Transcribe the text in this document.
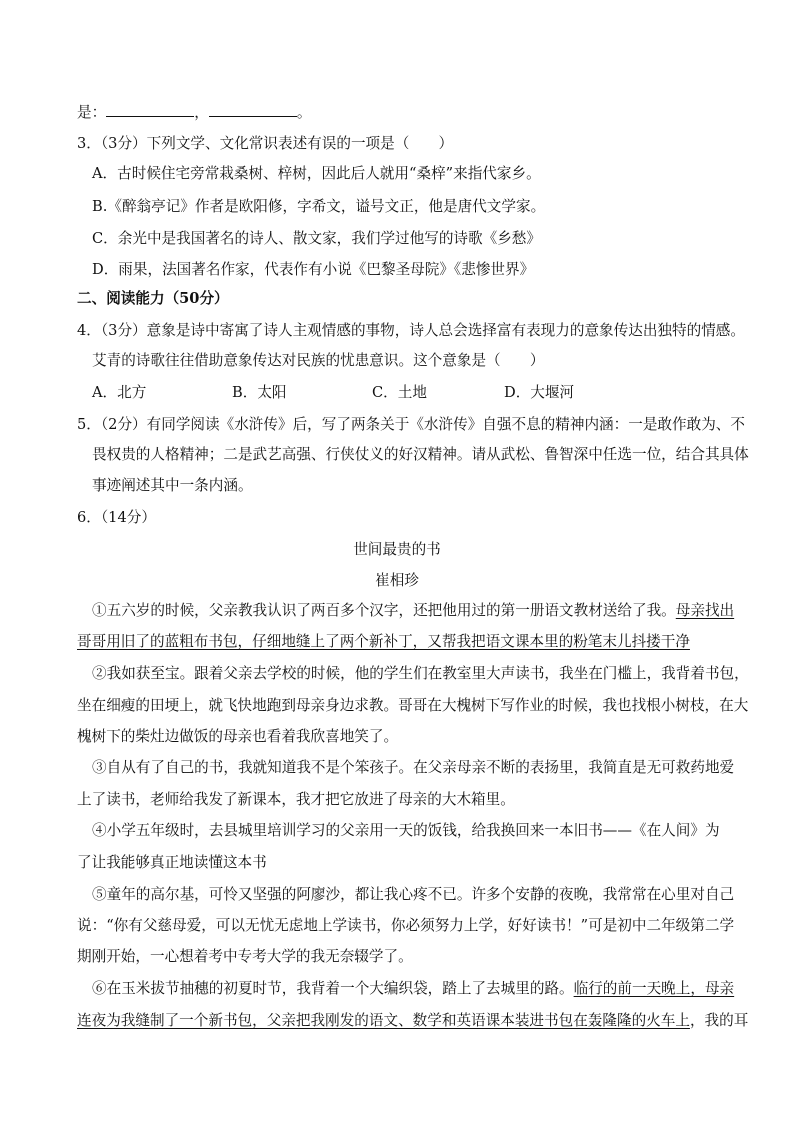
是：	，	。
3．（3分）下列文学、文化常识表述有误的一项是（　　）
A．古时候住宅旁常栽桑树、梓树，因此后人就用“桑梓”来指代家乡。
B.《醉翁亭记》作者是欧阳修，字希文，谥号文正，他是唐代文学家。
C．余光中是我国著名的诗人、散文家，我们学过他写的诗歌《乡愁》
D．雨果，法国著名作家，代表作有小说《巴黎圣母院》《悲惨世界》
二、阅读能力（50分）
4．（3分）意象是诗中寄寓了诗人主观情感的事物，诗人总会选择富有表现力的意象传达出独特的情感。
艾青的诗歌往往借助意象传达对民族的忧患意识。这个意象是（　　）
A．北方	B．太阳	C．土地	D．大堰河
5．（2分）有同学阅读《水浒传》后，写了两条关于《水浒传》自强不息的精神内涵：一是敢作敢为、不
畏权贵的人格精神；二是武艺高强、行侠仗义的好汉精神。请从武松、鲁智深中任选一位，结合其具体
事迹阐述其中一条内涵。
6．（14分）
世间最贵的书
崔相珍
①五六岁的时候，父亲教我认识了两百多个汉字，还把他用过的第一册语文教材送给了我。母亲找出
哥哥用旧了的蓝粗布书包，仔细地缝上了两个新补丁，又帮我把语文课本里的粉笔末儿抖搂干净
②我如获至宝。跟着父亲去学校的时候，他的学生们在教室里大声读书，我坐在门槛上，我背着书包，
坐在细瘦的田埂上，就飞快地跑到母亲身边求教。哥哥在大槐树下写作业的时候，我也找根小树枝，在大
槐树下的柴灶边做饭的母亲也看着我欣喜地笑了。
③自从有了自己的书，我就知道我不是个笨孩子。在父亲母亲不断的表扬里，我简直是无可救药地爱
上了读书，老师给我发了新课本，我才把它放进了母亲的大木箱里。
④小学五年级时，去县城里培训学习的父亲用一天的饭钱，给我换回来一本旧书——《在人间》为
了让我能够真正地读懂这本书
⑤童年的高尔基，可怜又坚强的阿廖沙，都让我心疼不已。许多个安静的夜晚，我常常在心里对自己
说：“你有父慈母爱，可以无忧无虑地上学读书，你必须努力上学，好好读书！”可是初中二年级第二学
期刚开始，一心想着考中专考大学的我无奈辍学了。
⑥在玉米拔节抽穗的初夏时节，我背着一个大编织袋，踏上了去城里的路。临行的前一天晚上，母亲
连夜为我缝制了一个新书包，父亲把我刚发的语文、数学和英语课本装进书包在轰隆隆的火车上，我的耳
